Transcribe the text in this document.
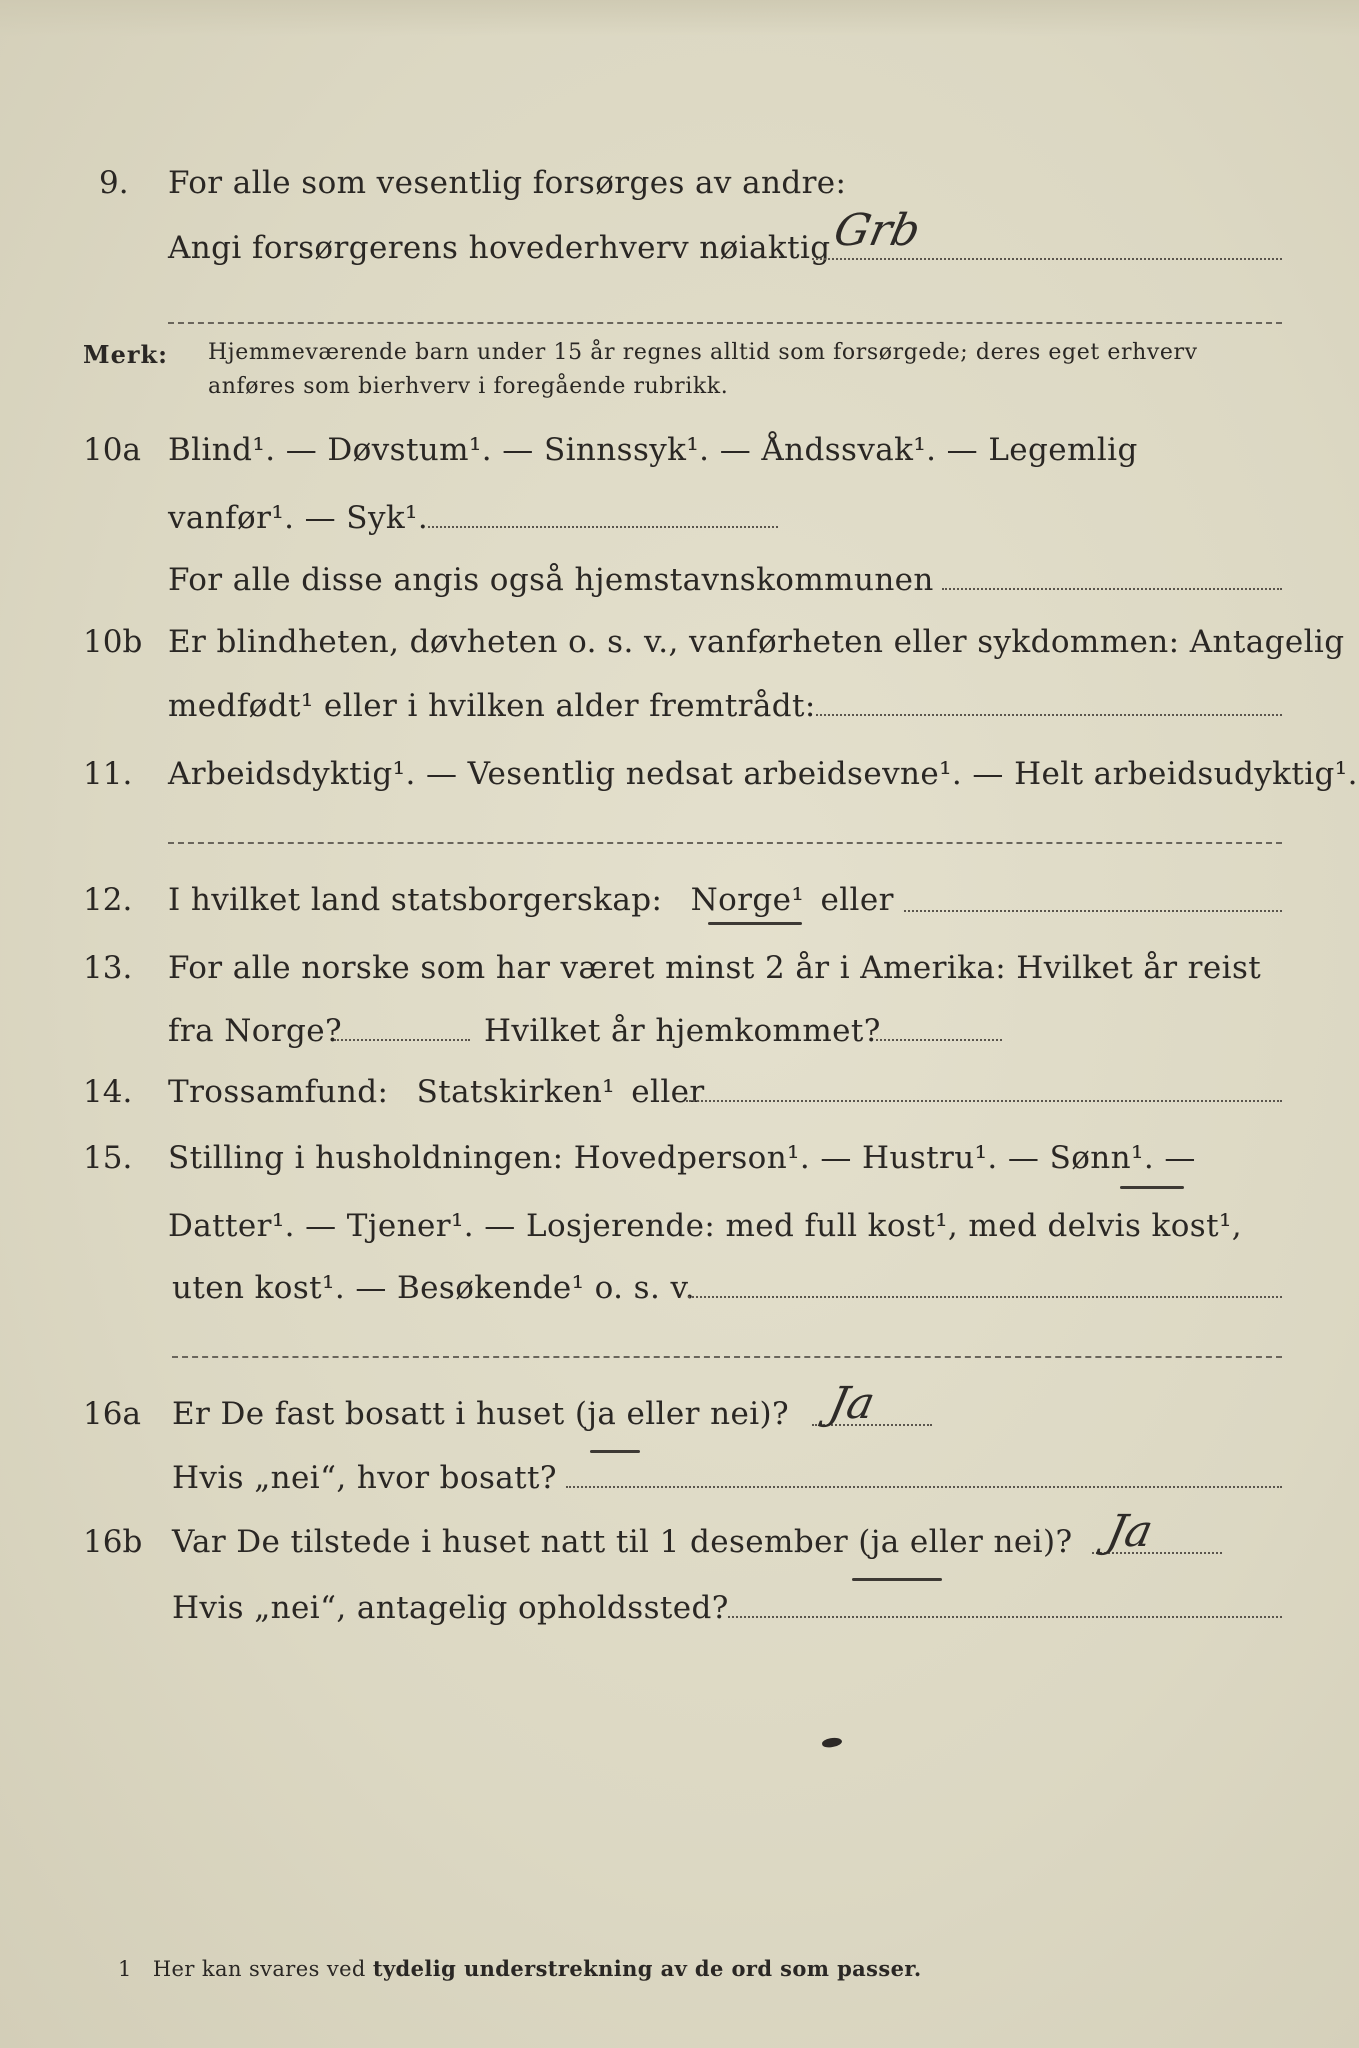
9. For alle som vesentlig forsørges av andre:
Angi forsørgerens hovederhverv nøiaktig Grb
Merk: Hjemmeværende barn under 15 år regnes alltid som forsørgede; deres eget erhverv
anføres som bierhverv i foregående rubrikk.
10a Blind¹. — Døvstum¹. — Sinnssyk¹. — Åndssvak¹. — Legemlig
vanfør¹. — Syk¹.
For alle disse angis også hjemstavnskommunen
10b Er blindheten, døvheten o. s. v., vanførheten eller sykdommen: Antagelig
medfødt¹ eller i hvilken alder fremtrådt:
11. Arbeidsdyktig¹. — Vesentlig nedsat arbeidsevne¹. — Helt arbeidsudyktig¹.
12. I hvilket land statsborgerskap: Norge¹ eller
13. For alle norske som har været minst 2 år i Amerika: Hvilket år reist
fra Norge?	Hvilket år hjemkommet?
14. Trossamfund: Statskirken¹ eller
15. Stilling i husholdningen: Hovedperson¹. — Hustru¹. — Sønn¹. —
Datter¹. — Tjener¹. — Losjerende: med full kost¹, med delvis kost¹,
uten kost¹. — Besøkende¹ o. s. v.
16a Er De fast bosatt i huset (ja eller nei)? Ja
Hvis „nei“, hvor bosatt?
16b Var De tilstede i huset natt til 1 desember (ja eller nei)? Ja
Hvis „nei“, antagelig opholdssted?
1 Her kan svares ved tydelig understrekning av de ord som passer.
